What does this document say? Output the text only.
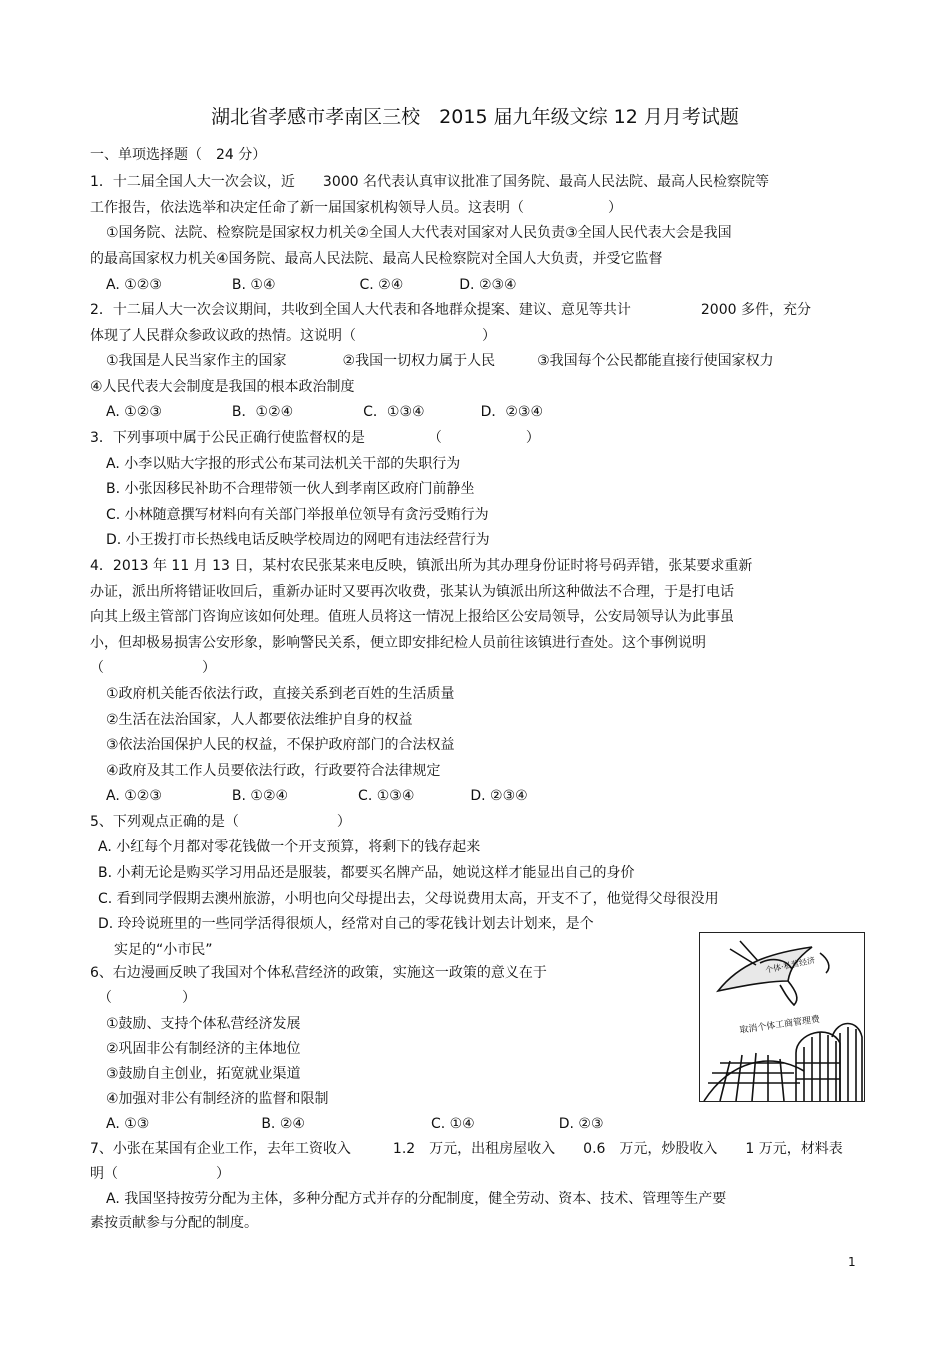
湖北省孝感市孝南区三校　2015 届九年级文综 12 月月考试题
一、单项选择题（　24 分）
1．十二届全国人大一次会议，近　　3000 名代表认真审议批准了国务院、最高人民法院、最高人民检察院等
工作报告，依法选举和决定任命了新一届国家机构领导人员。这表明（　　　　　　）
①国务院、法院、检察院是国家权力机关②全国人大代表对国家对人民负责③全国人民代表大会是我国
的最高国家权力机关④国务院、最高人民法院、最高人民检察院对全国人大负责，并受它监督
A. ①②③　　　　　B. ①④　　　　　　C. ②④　　　　D. ②③④
2．十二届人大一次会议期间，共收到全国人大代表和各地群众提案、建议、意见等共计　　　　　2000 多件，充分
体现了人民群众参政议政的热情。这说明（　　　　　　　　　）
①我国是人民当家作主的国家　　　　②我国一切权力属于人民　　　③我国每个公民都能直接行使国家权力
④人民代表大会制度是我国的根本政治制度
A. ①②③　　　　　B．①②④　　　　　C．①③④　　　　D．②③④
3．下列事项中属于公民正确行使监督权的是　　　　　（　　　　　　）
A. 小李以贴大字报的形式公布某司法机关干部的失职行为
B. 小张因移民补助不合理带领一伙人到孝南区政府门前静坐
C. 小林随意撰写材料向有关部门举报单位领导有贪污受贿行为
D. 小王拨打市长热线电话反映学校周边的网吧有违法经营行为
4．2013 年 11 月 13 日，某村农民张某来电反映，镇派出所为其办理身份证时将号码弄错，张某要求重新
办证，派出所将错证收回后，重新办证时又要再次收费，张某认为镇派出所这种做法不合理，于是打电话
向其上级主管部门咨询应该如何处理。值班人员将这一情况上报给区公安局领导，公安局领导认为此事虽
小，但却极易损害公安形象，影响警民关系，便立即安排纪检人员前往该镇进行查处。这个事例说明
（　　　　　　　）
①政府机关能否依法行政，直接关系到老百姓的生活质量
②生活在法治国家，人人都要依法维护自身的权益
③依法治国保护人民的权益，不保护政府部门的合法权益
④政府及其工作人员要依法行政，行政要符合法律规定
A. ①②③　　　　　B. ①②④　　　　　C. ①③④　　　　D. ②③④
5、下列观点正确的是（　　　　　　　）
A. 小红每个月都对零花钱做一个开支预算，将剩下的钱存起来
B. 小莉无论是购买学习用品还是服装，都要买名牌产品，她说这样才能显出自己的身价
C. 看到同学假期去澳州旅游，小明也向父母提出去，父母说费用太高，开支不了，他觉得父母很没用
D. 玲玲说班里的一些同学活得很烦人，经常对自己的零花钱计划去计划来，是个
实足的“小市民”
6、右边漫画反映了我国对个体私营经济的政策，实施这一政策的意义在于
（　　　　　）
①鼓励、支持个体私营经济发展
②巩固非公有制经济的主体地位
③鼓励自主创业，拓宽就业渠道
④加强对非公有制经济的监督和限制
A. ①③　　　　　　　　B. ②④　　　　　　　　　C. ①④　　　　　　D. ②③
7、小张在某国有企业工作，去年工资收入　　　1.2　万元，出租房屋收入　　0.6　万元，炒股收入　　1 万元，材料表
明（　　　　　　　）
A. 我国坚持按劳分配为主体，多种分配方式并存的分配制度，健全劳动、资本、技术、管理等生产要
素按贡献参与分配的制度。
个体·私营经济
取消个体工商管理费
1
